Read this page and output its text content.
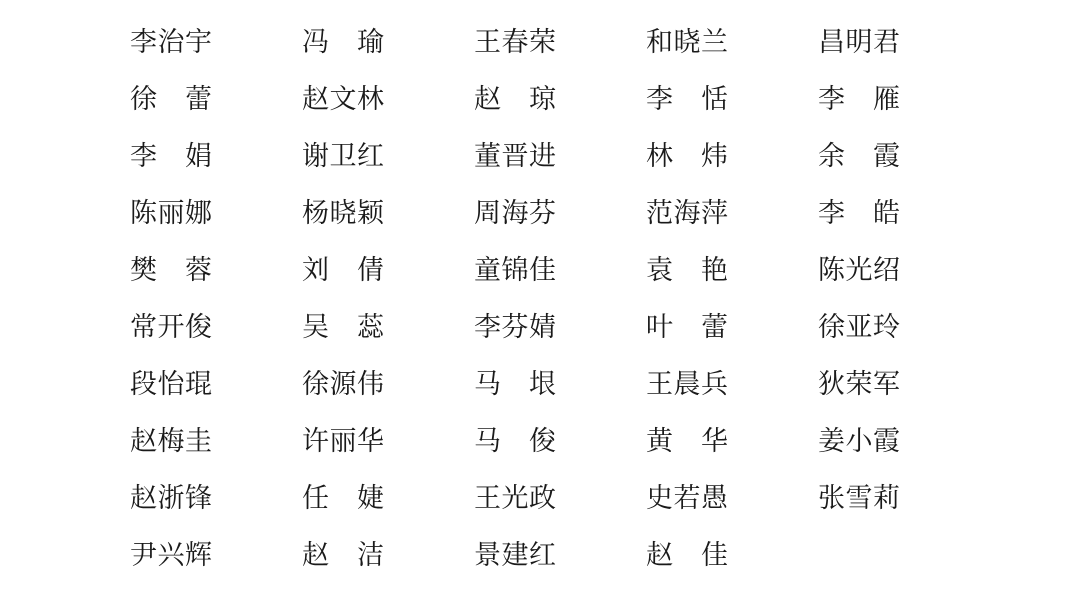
李治宇	冯　瑜	王春荣	和晓兰	昌明君
徐　蕾	赵文林	赵　琼	李　恬	李　雁
李　娟	谢卫红	董晋进	林　炜	余　霞
陈丽娜	杨晓颖	周海芬	范海萍	李　皓
樊　蓉	刘　倩	童锦佳	袁　艳	陈光绍
常开俊	吴　蕊	李芬婧	叶　蕾	徐亚玲
段怡琨	徐源伟	马　垠	王晨兵	狄荣军
赵梅圭	许丽华	马　俊	黄　华	姜小霞
赵浙锋	任　婕	王光政	史若愚	张雪莉
尹兴辉	赵　洁	景建红	赵　佳
